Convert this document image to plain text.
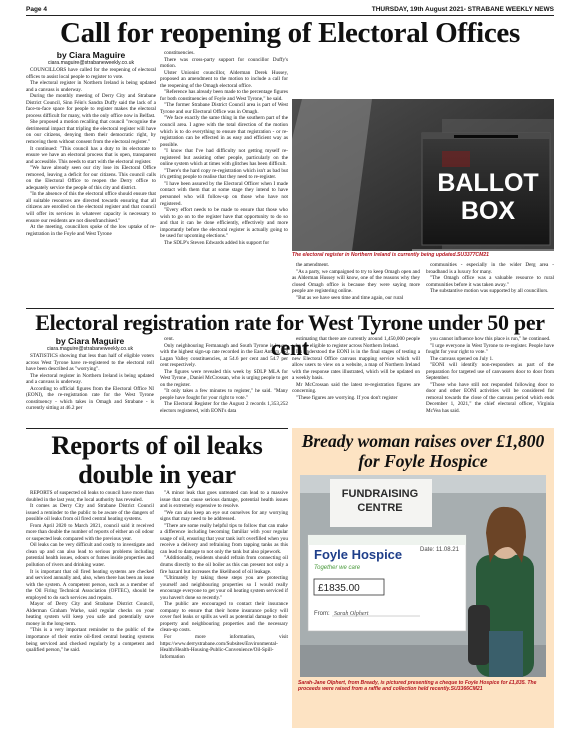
Page 4	THURSDAY, 19th August 2021- STRABANE WEEKLY NEWS
Call for reopening of Electoral Offices
by Ciara Maguire
ciara.maguire@strabaneweekly.co.uk

COUNCILLORS have called for the reopening of electoral offices to assist local people to register to vote.

The electoral register in Northern Ireland is being updated and a canvass is underway.

During the monthly meeting of Derry City and Strabane District Council, Sinn Féin's Sandra Duffy said the lack of a face-to-face space for people to register makes the electoral process difficult for many, with the only office now in Belfast.

She proposed a motion recalling that council "recognise the detrimental impact that tripling the electoral register will have on our citizens, denying them their democratic right, by removing them without consent from the electoral register."

It continued: "This council has a duty to its electorate to ensure we have an electoral process that is open, transparent and accessible. This needs to start with the electoral register.

"We have already seen our city lose its Electoral Office removed, leaving a deficit for our citizens. This council calls on the Electoral Office to reopen the Derry office to adequately service the people of this city and district.

"In the absence of this the electoral office should ensure that all suitable resources are directed towards ensuring that all citizens are enrolled on the electoral register and that council will offer its services in whatever capacity is necessary to ensure our residents are not disenfranchised."

At the meeting, councillors spoke of the low uptake of re-registration in the Foyle and West Tyrone

constituencies.

There was cross-party support for councillor Duffy's motion.

Ulster Unionist councillor, Alderman Derek Hussey, proposed an amendment to the motion to include a call for the reopening of the Omagh electoral office.

"Reference has already been made to the percentage figures for both constituencies of Foyle and West Tyrone," he said.

"The former Strabane District Council area is part of West Tyrone and our Electoral Office was in Omagh.

"We face exactly the same thing in the southern part of the council area. I agree with the total direction of the motion which is to do everything to ensure that registration - or re-registration can be effected in as easy and efficient way as possible.

"I know that I've had difficulty not getting myself re-registered but assisting other people, particularly on the online system which at times with glitches has been difficult.

"There's the hard copy re-registration which isn't as bad but it's getting people to realise that they need to re-register.

"I have been assured by the Electoral Officer when I made contact with them that at some stage they intend to have personnel who will follow-up on those who have not registered.

"Every effort needs to be made to ensure that those who wish to go on to the register have that opportunity to do so and that it can be done efficiently, effectively and more importantly before the electoral register is actually going to be used for upcoming elections."

The SDLP's Steven Edwards added his support for

BALLOT BOX
The electoral register in Northern Ireland is currently being updated.SU3377CM21

the amendment.

"As a party, we campaigned to try to keep Omagh open and as Alderman Hussey will know, one of the reasons why they closed Omagh office is because they were saying more people are registering online.

"But as we have seen time and time again, our rural

communities - especially in the wider Derg area - broadband is a luxury for many.

"The Omagh office was a valuable resource to rural communities before it was taken away."

The substantive motion was supported by all councillors.

Electoral registration rate for West Tyrone under 50 per cent
by Ciara Maguire
ciara.maguire@strabaneweekly.co.uk

STATISTICS showing that less than half of eligible voters across West Tyrone have re-registered to the electoral roll have been described as "worrying".

The electoral register in Northern Ireland is being updated and a canvass is underway.

According to official figures from the Electoral Office NI (EONI), the re-registration rate for the West Tyrone constituency - which takes in Omagh and Strabane - is currently sitting at 46.2 per

cent.

Only neighbouring Fermanagh and South Tyrone is lower, with the highest sign-up rate recorded in the East Antrim and Lagan Valley constituencies, at 54.6 per cent and 54.7 per cent respectively.

The figures were revealed this week by SDLP MLA for West Tyrone , Daniel McCrossan, who is urging people to get on the register.

"It only takes a few minutes to register," he said. "Many people have fought for your right to vote."

The Electoral Register for the August 2 records 1,353,252 electors registered, with EONI's data

estimating that there are currently around 1,450,000 people who are eligible to register across Northern Ireland.

It's understood the EONI is in the final stages of testing a new Electoral Office canvass mapping service which will allow users to view on a website, a map of Northern Ireland with the response rates illustrated, which will be updated on a weekly basis.

Mr McCrossan said the latest re-registration figures are concerning.

"These figures are worrying. If you don't register

you cannot influence how this place is run," he continued.

"I urge everyone in West Tyrone to re-register. People have fought for your right to vote."

The canvass opened on July 1.

"EONI will identify non-responders as part of the preparation for targeted use of canvassers door to door from September.

"Those who have still not responded following door to door and other EONI activities will be considered for removal towards the close of the canvass period which ends December 1, 2021," the chief electoral officer, Virginia McVea has said.

Reports of oil leaks double in year

REPORTS of suspected oil leaks to council have more than doubled in the last year, the local authority has revealed.

It comes as Derry City and Strabane District Council issued a reminder to the public to be aware of the dangers of possible oil leaks from oil fired central heating systems.

From April 2020 to March 2021, council said it received more than double the number of reports of either an oil odour or suspected leak compared with the previous year.

Oil leaks can be very difficult and costly to investigate and clean up and can also lead to serious problems including potential health issues, odours or fumes inside properties and pollution of rivers and drinking water.

It is important that oil fired heating systems are checked and serviced annually and, also, when there has been an issue with the system. A competent person, such as a member of the Oil Firing Technical Association (OFTEC), should be employed to do such services and repairs.

Mayor of Derry City and Strabane District Council, Alderman Graham Warke, said regular checks on your heating system will keep you safe and potentially save money in the long-term.

"This is a very important reminder to the public of the importance of their entire oil-fired central heating systems being serviced and checked regularly by a competent and qualified person," he said.

"A minor leak that goes untreated can lead to a massive issue that can cause serious damage, potential health issues and is extremely expensive to resolve.

"We can also keep an eye out ourselves for any worrying signs that may need to be addressed.

"There are some really helpful tips to follow that can make a difference including becoming familiar with your regular usage of oil, ensuring that your tank isn't overfilled when you receive a delivery and refraining from tapping tanks as this can lead to damage to not only the tank but also pipework.

"Additionally, residents should refrain from connecting oil drums directly to the oil boiler as this can present not only a fire hazard but increases the likelihood of oil leakage.

"Ultimately by taking these steps you are protecting yourself and neighbouring properties so I would really encourage everyone to get your oil heating system serviced if you haven't done so recently."

The public are encouraged to contact their insurance company to ensure that their home insurance policy will cover fuel leaks or spills as well as potential damage to their property and neighbouring properties and the necessary clean-up costs.

For more information, visit https://www.derrystrabane.com/Subsites/Environmental-Health/Health-Housing-Public-Convenience/Oil-Spill-Information

Bready woman raises over £1,800 for Foyle Hospice
FUNDRAISING CENTRE
Foyle Hospice
Together we care
Date: 11.08.21
£1835.00
From: Sarah Olphert
Sarah-Jane Olphert, from Bready, is pictured presenting a cheque to Foyle Hospice for £1,835. The proceeds were raised from a raffle and collection held recently.SU3366CM21
